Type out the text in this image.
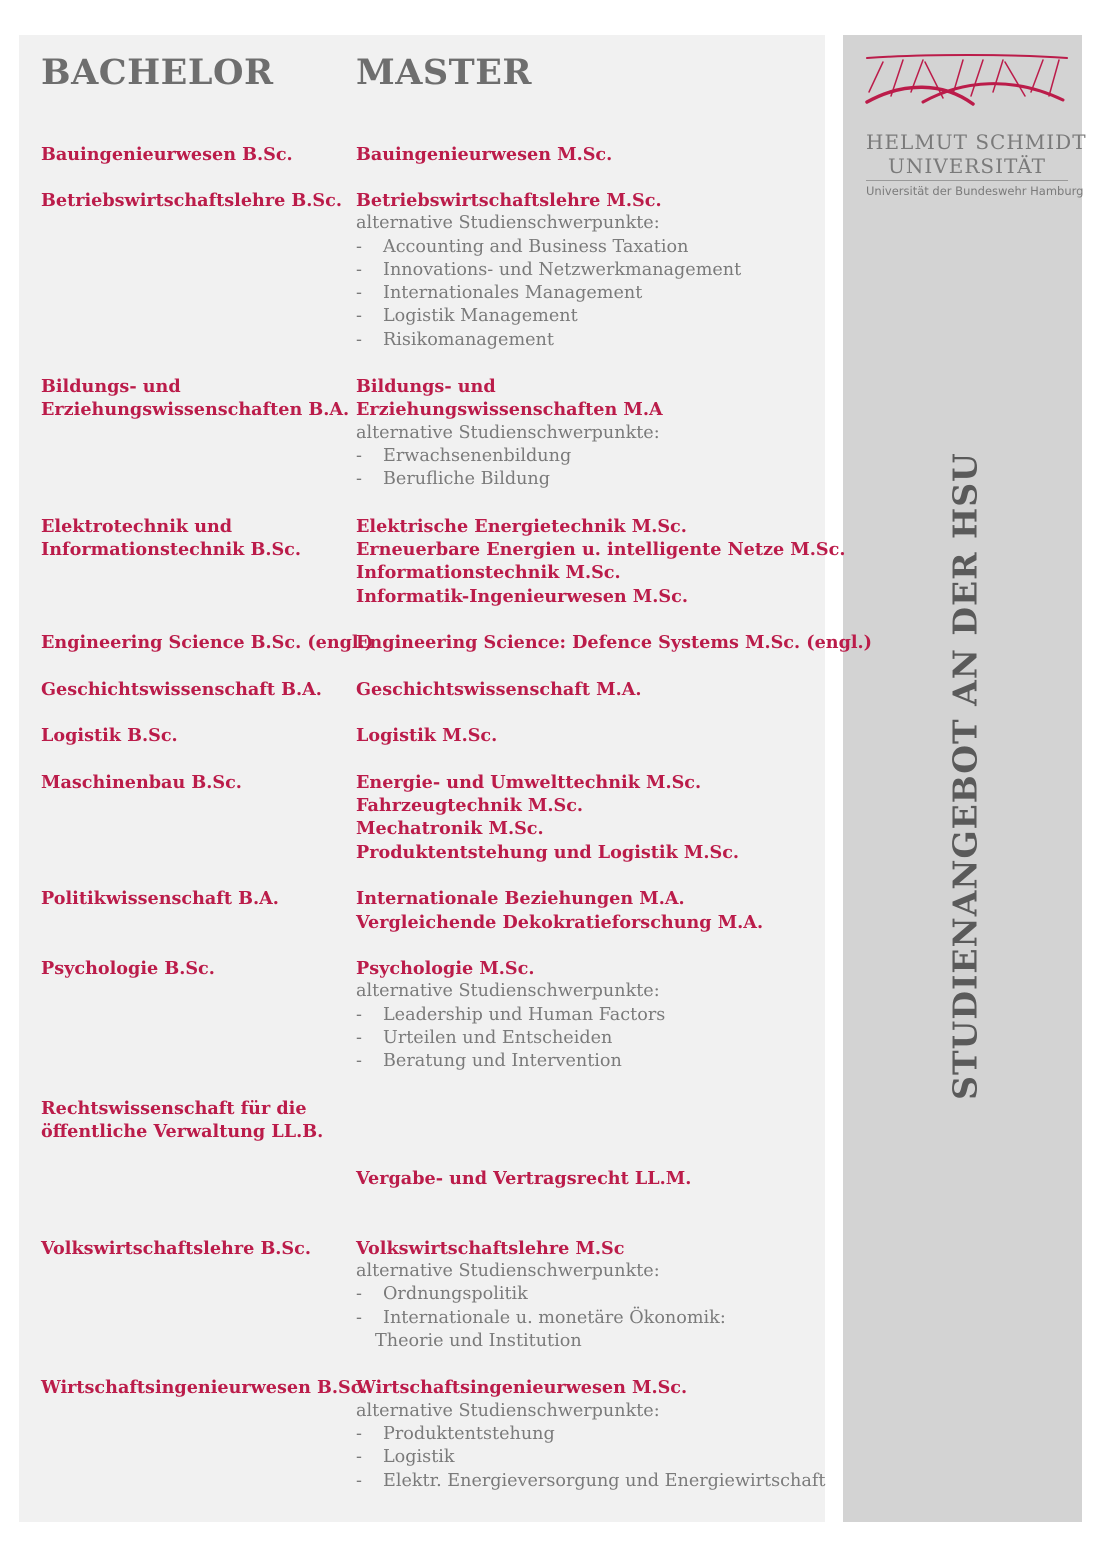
BACHELOR MASTER
Bauingenieurwesen B.Sc.
Betriebswirtschaftslehre B.Sc.
Bildungs- und
Erziehungswissenschaften B.A.
Elektrotechnik und
Informationstechnik B.Sc.
Engineering Science B.Sc. (engl.)
Geschichtswissenschaft B.A.
Logistik B.Sc.
Maschinenbau B.Sc.
Politikwissenschaft B.A.
Psychologie B.Sc.
Rechtswissenschaft für die
öffentliche Verwaltung LL.B.
Volkswirtschaftslehre B.Sc.
Wirtschaftsingenieurwesen B.Sc.
Bauingenieurwesen M.Sc.
Betriebswirtschaftslehre M.Sc.
alternative Studienschwerpunkte:
- Accounting and Business Taxation
- Innovations- und Netzwerkmanagement
- Internationales Management
- Logistik Management
- Risikomanagement
Bildungs- und
Erziehungswissenschaften M.A
alternative Studienschwerpunkte:
- Erwachsenenbildung
- Berufliche Bildung
Elektrische Energietechnik M.Sc.
Erneuerbare Energien u. intelligente Netze M.Sc.
Informationstechnik M.Sc.
Informatik-Ingenieurwesen M.Sc.
Engineering Science: Defence Systems M.Sc. (engl.)
Geschichtswissenschaft M.A.
Logistik M.Sc.
Energie- und Umwelttechnik M.Sc.
Fahrzeugtechnik M.Sc.
Mechatronik M.Sc.
Produktentstehung und Logistik M.Sc.
Internationale Beziehungen M.A.
Vergleichende Dekokratieforschung M.A.
Psychologie M.Sc.
alternative Studienschwerpunkte:
- Leadership und Human Factors
- Urteilen und Entscheiden
- Beratung und Intervention
Vergabe- und Vertragsrecht LL.M.
Volkswirtschaftslehre M.Sc
alternative Studienschwerpunkte:
- Ordnungspolitik
- Internationale u. monetäre Ökonomik:
Theorie und Institution
Wirtschaftsingenieurwesen M.Sc.
alternative Studienschwerpunkte:
- Produktentstehung
- Logistik
- Elektr. Energieversorgung und Energiewirtschaft
HELMUT SCHMIDT
UNIVERSITÄT
Universität der Bundeswehr Hamburg
STUDIENANGEBOT AN DER HSU
